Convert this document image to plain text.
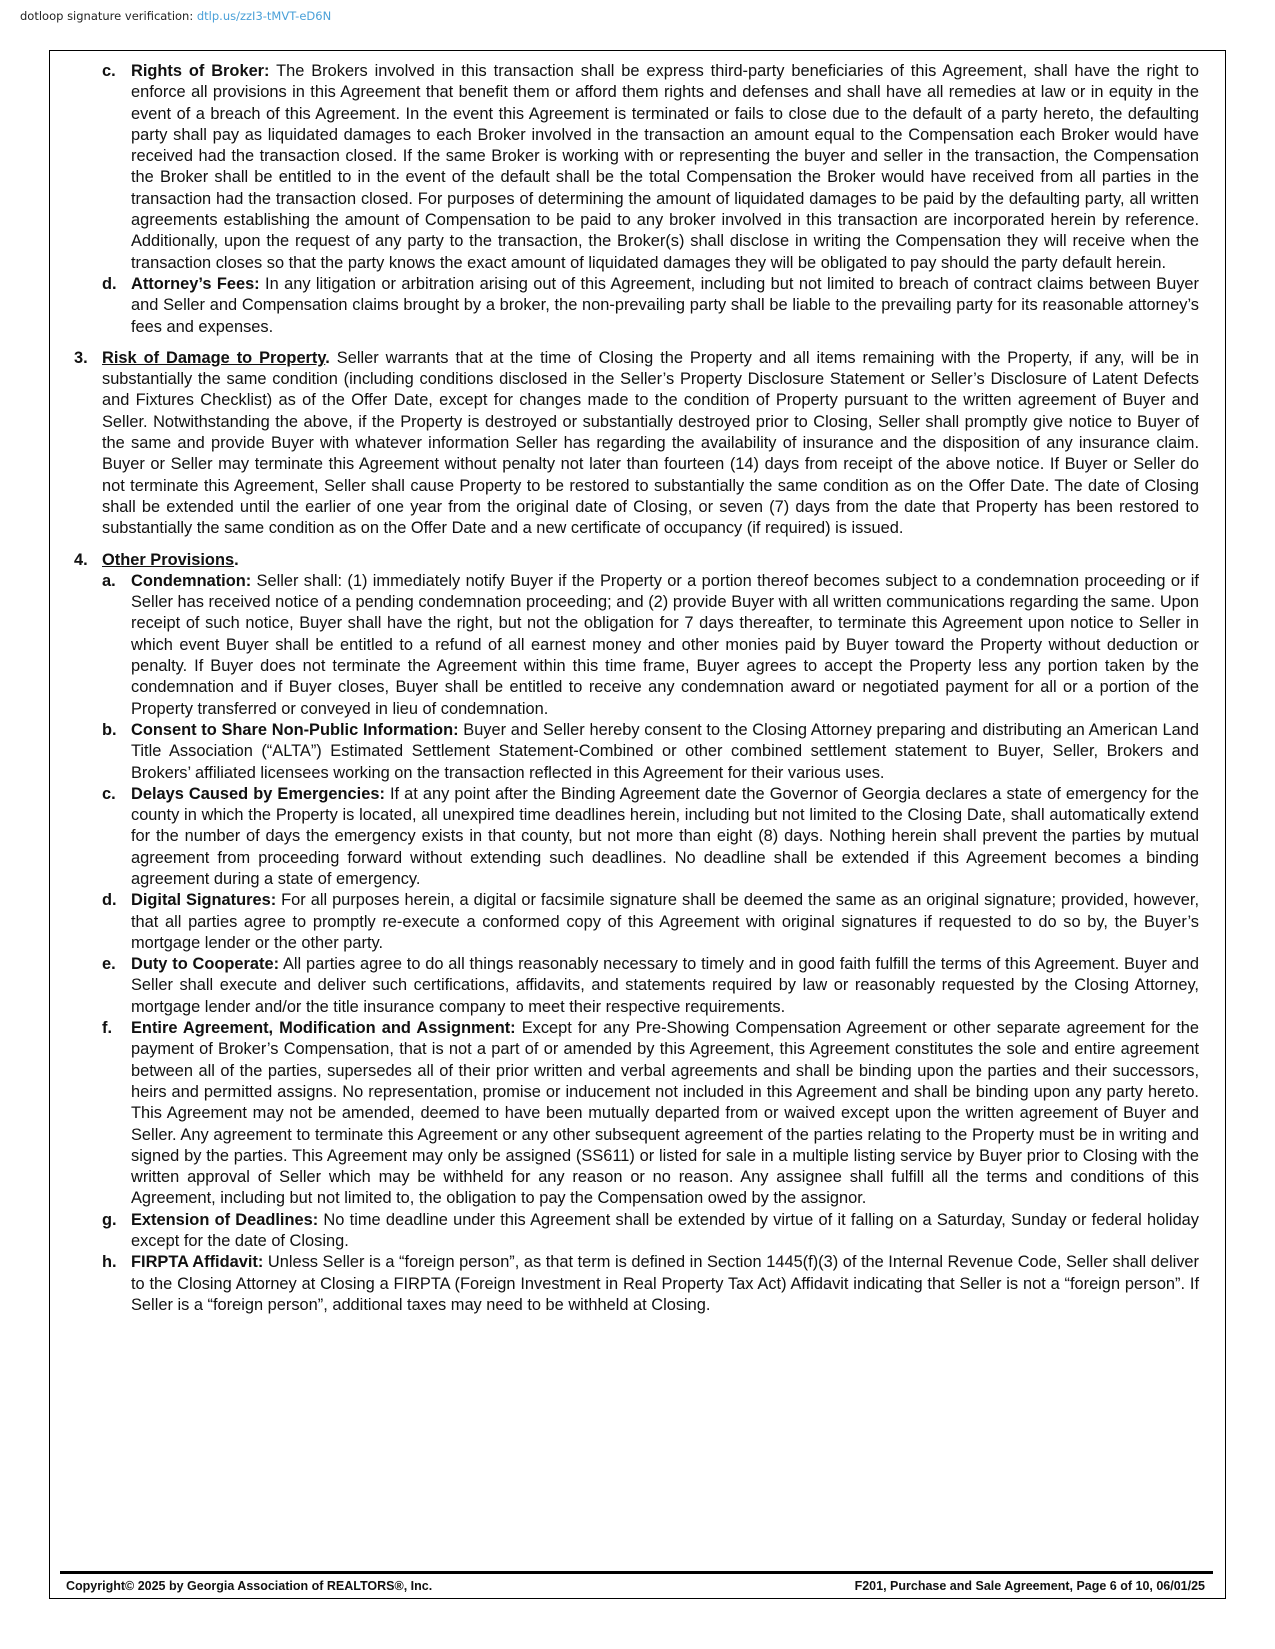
dotloop signature verification: dtlp.us/zzI3-tMVT-eD6N
c. Rights of Broker: The Brokers involved in this transaction shall be express third-party beneficiaries of this Agreement, shall have the right to enforce all provisions in this Agreement that benefit them or afford them rights and defenses and shall have all remedies at law or in equity in the event of a breach of this Agreement. In the event this Agreement is terminated or fails to close due to the default of a party hereto, the defaulting party shall pay as liquidated damages to each Broker involved in the transaction an amount equal to the Compensation each Broker would have received had the transaction closed. If the same Broker is working with or representing the buyer and seller in the transaction, the Compensation the Broker shall be entitled to in the event of the default shall be the total Compensation the Broker would have received from all parties in the transaction had the transaction closed. For purposes of determining the amount of liquidated damages to be paid by the defaulting party, all written agreements establishing the amount of Compensation to be paid to any broker involved in this transaction are incorporated herein by reference. Additionally, upon the request of any party to the transaction, the Broker(s) shall disclose in writing the Compensation they will receive when the transaction closes so that the party knows the exact amount of liquidated damages they will be obligated to pay should the party default herein.
d. Attorney’s Fees: In any litigation or arbitration arising out of this Agreement, including but not limited to breach of contract claims between Buyer and Seller and Compensation claims brought by a broker, the non-prevailing party shall be liable to the prevailing party for its reasonable attorney’s fees and expenses.
3. Risk of Damage to Property. Seller warrants that at the time of Closing the Property and all items remaining with the Property, if any, will be in substantially the same condition (including conditions disclosed in the Seller’s Property Disclosure Statement or Seller’s Disclosure of Latent Defects and Fixtures Checklist) as of the Offer Date, except for changes made to the condition of Property pursuant to the written agreement of Buyer and Seller. Notwithstanding the above, if the Property is destroyed or substantially destroyed prior to Closing, Seller shall promptly give notice to Buyer of the same and provide Buyer with whatever information Seller has regarding the availability of insurance and the disposition of any insurance claim. Buyer or Seller may terminate this Agreement without penalty not later than fourteen (14) days from receipt of the above notice. If Buyer or Seller do not terminate this Agreement, Seller shall cause Property to be restored to substantially the same condition as on the Offer Date. The date of Closing shall be extended until the earlier of one year from the original date of Closing, or seven (7) days from the date that Property has been restored to substantially the same condition as on the Offer Date and a new certificate of occupancy (if required) is issued.
4. Other Provisions.
a. Condemnation: Seller shall: (1) immediately notify Buyer if the Property or a portion thereof becomes subject to a condemnation proceeding or if Seller has received notice of a pending condemnation proceeding; and (2) provide Buyer with all written communications regarding the same. Upon receipt of such notice, Buyer shall have the right, but not the obligation for 7 days thereafter, to terminate this Agreement upon notice to Seller in which event Buyer shall be entitled to a refund of all earnest money and other monies paid by Buyer toward the Property without deduction or penalty. If Buyer does not terminate the Agreement within this time frame, Buyer agrees to accept the Property less any portion taken by the condemnation and if Buyer closes, Buyer shall be entitled to receive any condemnation award or negotiated payment for all or a portion of the Property transferred or conveyed in lieu of condemnation.
b. Consent to Share Non-Public Information: Buyer and Seller hereby consent to the Closing Attorney preparing and distributing an American Land Title Association (“ALTA”) Estimated Settlement Statement-Combined or other combined settlement statement to Buyer, Seller, Brokers and Brokers’ affiliated licensees working on the transaction reflected in this Agreement for their various uses.
c. Delays Caused by Emergencies: If at any point after the Binding Agreement date the Governor of Georgia declares a state of emergency for the county in which the Property is located, all unexpired time deadlines herein, including but not limited to the Closing Date, shall automatically extend for the number of days the emergency exists in that county, but not more than eight (8) days. Nothing herein shall prevent the parties by mutual agreement from proceeding forward without extending such deadlines. No deadline shall be extended if this Agreement becomes a binding agreement during a state of emergency.
d. Digital Signatures: For all purposes herein, a digital or facsimile signature shall be deemed the same as an original signature; provided, however, that all parties agree to promptly re-execute a conformed copy of this Agreement with original signatures if requested to do so by, the Buyer’s mortgage lender or the other party.
e. Duty to Cooperate: All parties agree to do all things reasonably necessary to timely and in good faith fulfill the terms of this Agreement. Buyer and Seller shall execute and deliver such certifications, affidavits, and statements required by law or reasonably requested by the Closing Attorney, mortgage lender and/or the title insurance company to meet their respective requirements.
f.	Entire Agreement, Modification and Assignment: Except for any Pre-Showing Compensation Agreement or other separate agreement for the payment of Broker’s Compensation, that is not a part of or amended by this Agreement, this Agreement constitutes the sole and entire agreement between all of the parties, supersedes all of their prior written and verbal agreements and shall be binding upon the parties and their successors, heirs and permitted assigns. No representation, promise or inducement not included in this Agreement and shall be binding upon any party hereto. This Agreement may not be amended, deemed to have been mutually departed from or waived except upon the written agreement of Buyer and Seller. Any agreement to terminate this Agreement or any other subsequent agreement of the parties relating to the Property must be in writing and signed by the parties. This Agreement may only be assigned (SS611) or listed for sale in a multiple listing service by Buyer prior to Closing with the written approval of Seller which may be withheld for any reason or no reason. Any assignee shall fulfill all the terms and conditions of this Agreement, including but not limited to, the obligation to pay the Compensation owed by the assignor.
g. Extension of Deadlines: No time deadline under this Agreement shall be extended by virtue of it falling on a Saturday, Sunday or federal holiday except for the date of Closing.
h. FIRPTA Affidavit: Unless Seller is a “foreign person”, as that term is defined in Section 1445(f)(3) of the Internal Revenue Code, Seller shall deliver to the Closing Attorney at Closing a FIRPTA (Foreign Investment in Real Property Tax Act) Affidavit indicating that Seller is not a “foreign person”. If Seller is a “foreign person”, additional taxes may need to be withheld at Closing.
Copyright© 2025 by Georgia Association of REALTORS®, Inc.	F201, Purchase and Sale Agreement, Page 6 of 10, 06/01/25
